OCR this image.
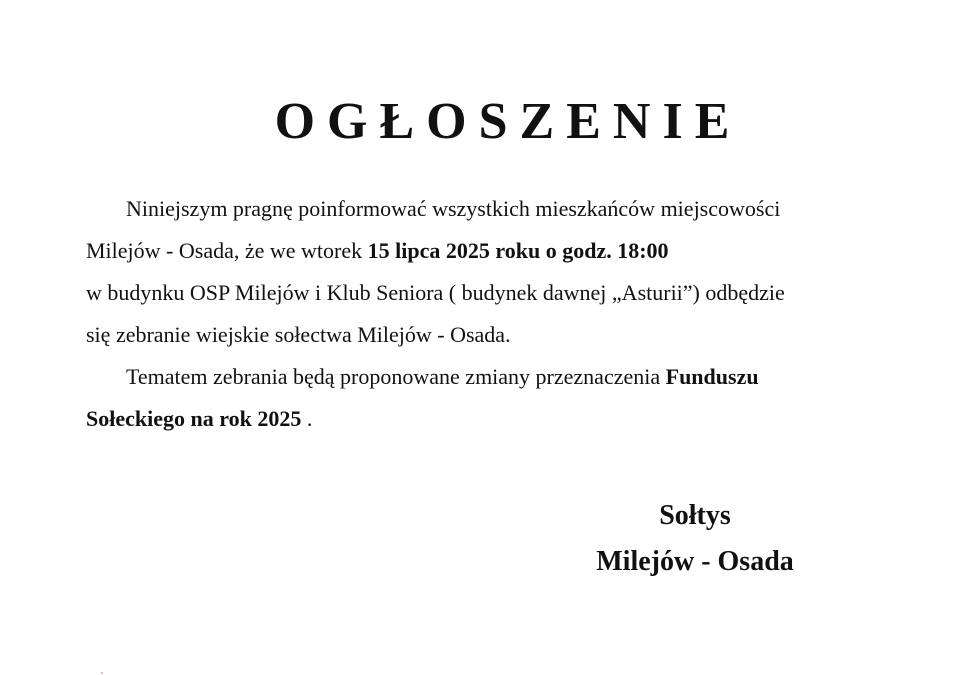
OGŁOSZENIE

Niniejszym pragnę poinformować wszystkich mieszkańców miejscowości
Milejów - Osada, że we wtorek 15 lipca 2025 roku o godz. 18:00
w budynku OSP Milejów i Klub Seniora ( budynek dawnej „Asturii”) odbędzie
się zebranie wiejskie sołectwa Milejów - Osada.

Tematem zebrania będą proponowane zmiany przeznaczenia Funduszu
Sołeckiego na rok 2025 .

Sołtys
Milejów - Osada
